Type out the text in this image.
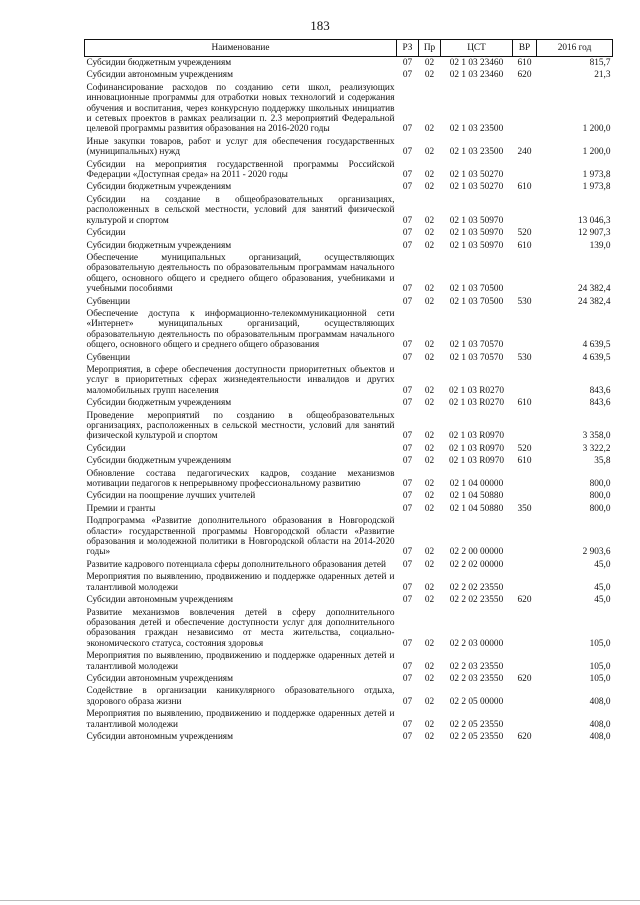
183
Наименование	РЗ	Пр	ЦСТ	ВР	2016 год
Субсидии бюджетным учреждениям	07	02	02 1 03 23460	610	815,7
Субсидии автономным учреждениям	07	02	02 1 03 23460	620	21,3
Софинансирование расходов по созданию сети школ, реализующих инновационные программы для отработки новых технологий и содержания обучения и воспитания, через конкурсную поддержку школьных инициатив и сетевых проектов в рамках реализации п. 2.3 мероприятий Федеральной целевой программы развития образования на 2016-2020 годы	07	02	02 1 03 23500		1 200,0
Иные закупки товаров, работ и услуг для обеспечения государственных (муниципальных) нужд	07	02	02 1 03 23500	240	1 200,0
Субсидии на мероприятия государственной программы Российской Федерации «Доступная среда» на 2011 - 2020 годы	07	02	02 1 03 50270		1 973,8
Субсидии бюджетным учреждениям	07	02	02 1 03 50270	610	1 973,8
Субсидии на создание в общеобразовательных организациях, расположенных в сельской местности, условий для занятий физической культурой и спортом	07	02	02 1 03 50970		13 046,3
Субсидии	07	02	02 1 03 50970	520	12 907,3
Субсидии бюджетным учреждениям	07	02	02 1 03 50970	610	139,0
Обеспечение муниципальных организаций, осуществляющих образовательную деятельность по образовательным программам начального общего, основного общего и среднего общего образования, учебниками и учебными пособиями	07	02	02 1 03 70500		24 382,4
Субвенции	07	02	02 1 03 70500	530	24 382,4
Обеспечение доступа к информационно-телекоммуникационной сети «Интернет» муниципальных организаций, осуществляющих образовательную деятельность по образовательным программам начального общего, основного общего и среднего общего образования	07	02	02 1 03 70570		4 639,5
Субвенции	07	02	02 1 03 70570	530	4 639,5
Мероприятия, в сфере обеспечения доступности приоритетных объектов и услуг в приоритетных сферах жизнедеятельности инвалидов и других маломобильных групп населения	07	02	02 1 03 R0270		843,6
Субсидии бюджетным учреждениям	07	02	02 1 03 R0270	610	843,6
Проведение мероприятий по созданию в общеобразовательных организациях, расположенных в сельской местности, условий для занятий физической культурой и спортом	07	02	02 1 03 R0970		3 358,0
Субсидии	07	02	02 1 03 R0970	520	3 322,2
Субсидии бюджетным учреждениям	07	02	02 1 03 R0970	610	35,8
Обновление состава педагогических кадров, создание механизмов мотивации педагогов к непрерывному профессиональному развитию	07	02	02 1 04 00000		800,0
Субсидии на поощрение лучших учителей	07	02	02 1 04 50880		800,0
Премии и гранты	07	02	02 1 04 50880	350	800,0
Подпрограмма «Развитие дополнительного образования в Новгородской области» государственной программы Новгородской области «Развитие образования и молодежной политики в Новгородской области на 2014-2020 годы»	07	02	02 2 00 00000		2 903,6
Развитие кадрового потенциала сферы дополнительного образования детей	07	02	02 2 02 00000		45,0
Мероприятия по выявлению, продвижению и поддержке одаренных детей и талантливой молодежи	07	02	02 2 02 23550		45,0
Субсидии автономным учреждениям	07	02	02 2 02 23550	620	45,0
Развитие механизмов вовлечения детей в сферу дополнительного образования детей и обеспечение доступности услуг для дополнительного образования граждан независимо от места жительства, социально-экономического статуса, состояния здоровья	07	02	02 2 03 00000		105,0
Мероприятия по выявлению, продвижению и поддержке одаренных детей и талантливой молодежи	07	02	02 2 03 23550		105,0
Субсидии автономным учреждениям	07	02	02 2 03 23550	620	105,0
Содействие в организации каникулярного образовательного отдыха, здорового образа жизни	07	02	02 2 05 00000		408,0
Мероприятия по выявлению, продвижению и поддержке одаренных детей и талантливой молодежи	07	02	02 2 05 23550		408,0
Субсидии автономным учреждениям	07	02	02 2 05 23550	620	408,0
